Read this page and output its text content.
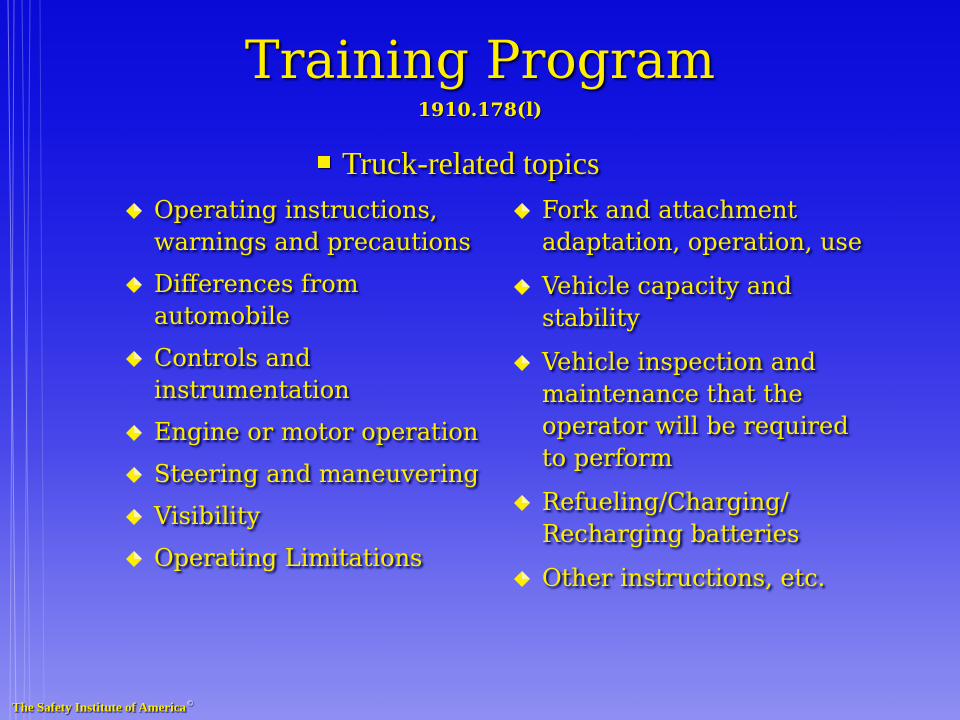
Training Program
1910.178(l)
Truck-related topics
Operating instructions, warnings and precautions
Differences from automobile
Controls and instrumentation
Engine or motor operation
Steering and maneuvering
Visibility
Operating Limitations
Fork and attachment adaptation, operation, use
Vehicle capacity and stability
Vehicle inspection and maintenance that the operator will be required to perform
Refueling/Charging/ Recharging batteries
Other instructions, etc.
The Safety Institute of America©
